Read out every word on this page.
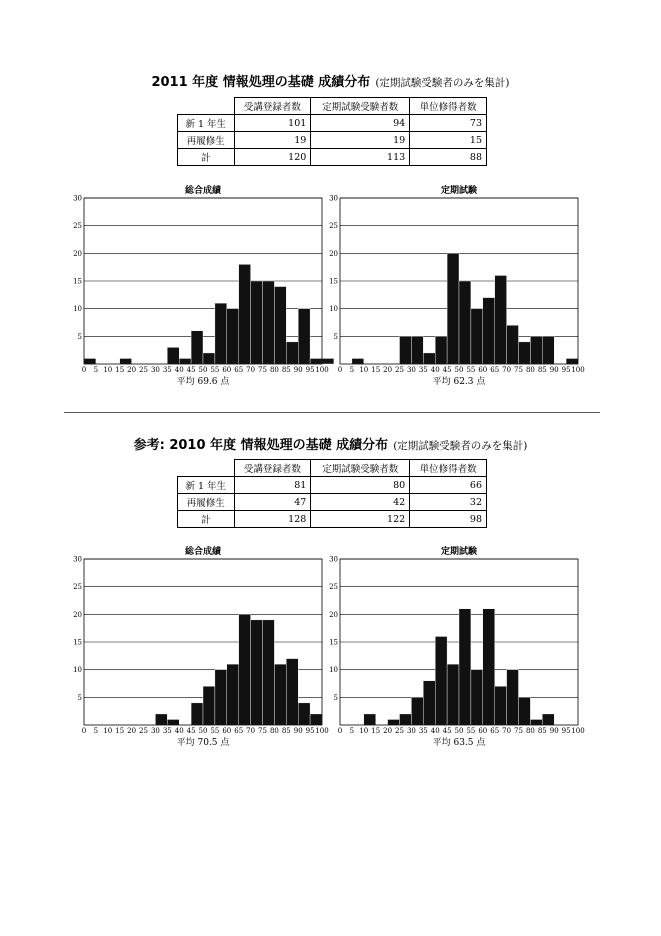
2011 年度 情報処理の基礎 成績分布 (定期試験受験者のみを集計)
	受講登録者数	定期試験受験者数	単位修得者数
新 1 年生	101	94	73
再履修生	19	19	15
計	120	113	88
総合成績
5
10
15
20
25
30
0 5 10 15 20 25 30 35 40 45 50 55 60 65 70 75 80 85 90 95 100
平均 69.6 点
定期試験
5
10
15
20
25
30
0 5 10 15 20 25 30 35 40 45 50 55 60 65 70 75 80 85 90 95 100
平均 62.3 点
参考: 2010 年度 情報処理の基礎 成績分布 (定期試験受験者のみを集計)
	受講登録者数	定期試験受験者数	単位修得者数
新 1 年生	81	80	66
再履修生	47	42	32
計	128	122	98
総合成績
5
10
15
20
25
30
0 5 10 15 20 25 30 35 40 45 50 55 60 65 70 75 80 85 90 95 100
平均 70.5 点
定期試験
5
10
15
20
25
30
0 5 10 15 20 25 30 35 40 45 50 55 60 65 70 75 80 85 90 95 100
平均 63.5 点
